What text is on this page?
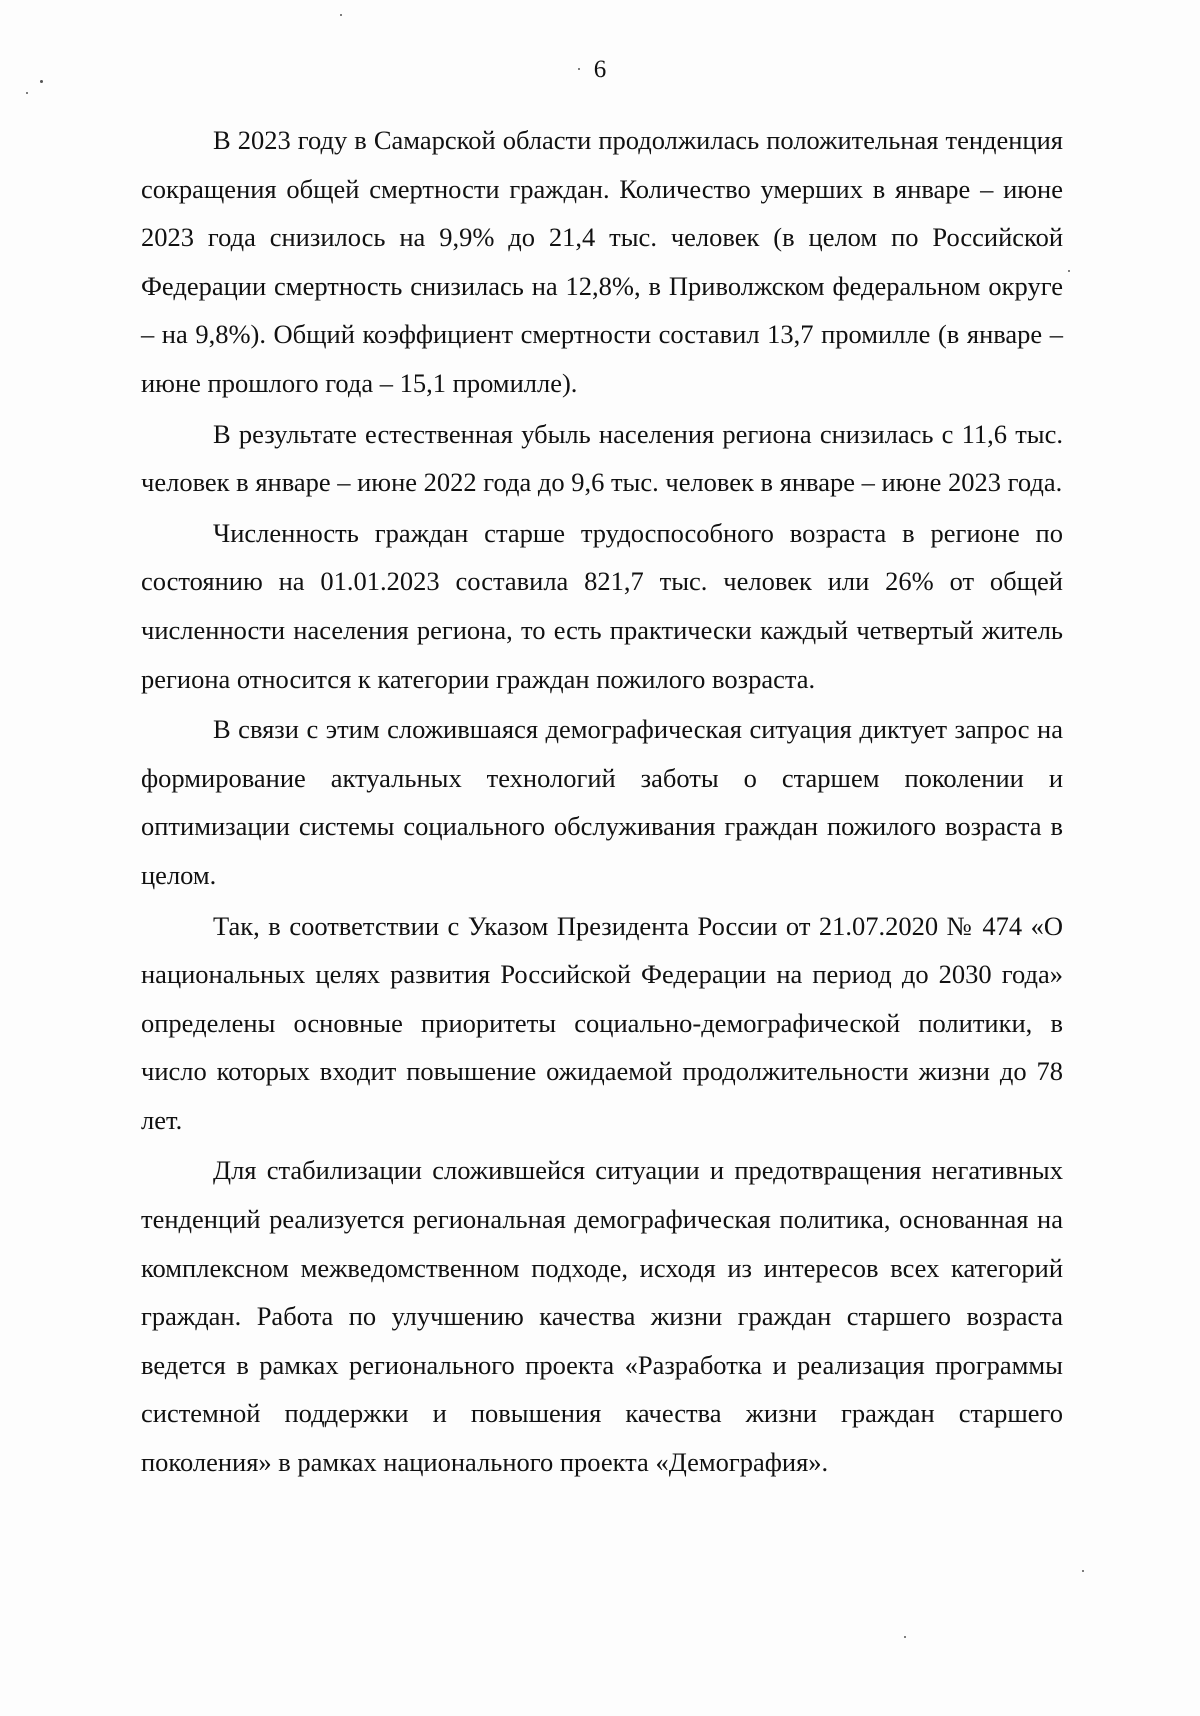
6

В 2023 году в Самарской области продолжилась положительная тенденция сокращения общей смертности граждан. Количество умерших в январе – июне 2023 года снизилось на 9,9% до 21,4 тыс. человек (в целом по Российской Федерации смертность снизилась на 12,8%, в Приволжском федеральном округе – на 9,8%). Общий коэффициент смертности составил 13,7 промилле (в январе – июне прошлого года – 15,1 промилле).

В результате естественная убыль населения региона снизилась с 11,6 тыс. человек в январе – июне 2022 года до 9,6 тыс. человек в январе – июне 2023 года.

Численность граждан старше трудоспособного возраста в регионе по состоянию на 01.01.2023 составила 821,7 тыс. человек или 26% от общей численности населения региона, то есть практически каждый четвертый житель региона относится к категории граждан пожилого возраста.

В связи с этим сложившаяся демографическая ситуация диктует запрос на формирование актуальных технологий заботы о старшем поколении и оптимизации системы социального обслуживания граждан пожилого возраста в целом.

Так, в соответствии с Указом Президента России от 21.07.2020 № 474 «О национальных целях развития Российской Федерации на период до 2030 года» определены основные приоритеты социально-демографической политики, в число которых входит повышение ожидаемой продолжительности жизни до 78 лет.

Для стабилизации сложившейся ситуации и предотвращения негативных тенденций реализуется региональная демографическая политика, основанная на комплексном межведомственном подходе, исходя из интересов всех категорий граждан. Работа по улучшению качества жизни граждан старшего возраста ведется в рамках регионального проекта «Разработка и реализация программы системной поддержки и повышения качества жизни граждан старшего поколения» в рамках национального проекта «Демография».
